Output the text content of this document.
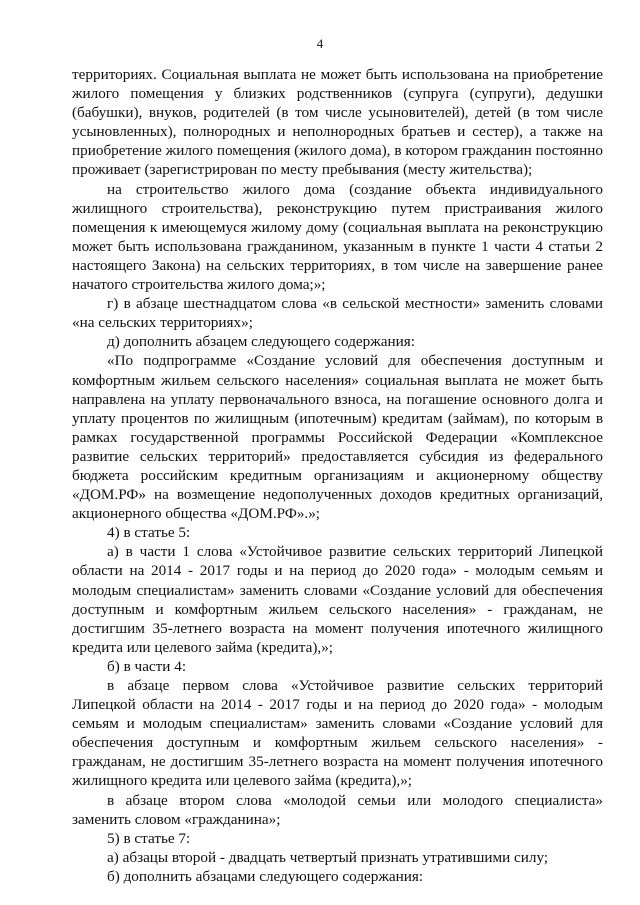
4

территориях. Социальная выплата не может быть использована на приобретение жилого помещения у близких родственников (супруга (супруги), дедушки (бабушки), внуков, родителей (в том числе усыновителей), детей (в том числе усыновленных), полнородных и неполнородных братьев и сестер), а также на приобретение жилого помещения (жилого дома), в котором гражданин постоянно проживает (зарегистрирован по месту пребывания (месту жительства);

на строительство жилого дома (создание объекта индивидуального жилищного строительства), реконструкцию путем пристраивания жилого помещения к имеющемуся жилому дому (социальная выплата на реконструкцию может быть использована гражданином, указанным в пункте 1 части 4 статьи 2 настоящего Закона) на сельских территориях, в том числе на завершение ранее начатого строительства жилого дома;»;

г) в абзаце шестнадцатом слова «в сельской местности» заменить словами «на сельских территориях»;

д) дополнить абзацем следующего содержания:

«По подпрограмме «Создание условий для обеспечения доступным и комфортным жильем сельского населения» социальная выплата не может быть направлена на уплату первоначального взноса, на погашение основного долга и уплату процентов по жилищным (ипотечным) кредитам (займам), по которым в рамках государственной программы Российской Федерации «Комплексное развитие сельских территорий» предоставляется субсидия из федерального бюджета российским кредитным организациям и акционерному обществу «ДОМ.РФ» на возмещение недополученных доходов кредитных организаций, акционерного общества «ДОМ.РФ».»;

4) в статье 5:

а) в части 1 слова «Устойчивое развитие сельских территорий Липецкой области на 2014 - 2017 годы и на период до 2020 года» - молодым семьям и молодым специалистам» заменить словами «Создание условий для обеспечения доступным и комфортным жильем сельского населения» - гражданам, не достигшим 35-летнего возраста на момент получения ипотечного жилищного кредита или целевого займа (кредита),»;

б) в части 4:

в абзаце первом слова «Устойчивое развитие сельских территорий Липецкой области на 2014 - 2017 годы и на период до 2020 года» - молодым семьям и молодым специалистам» заменить словами «Создание условий для обеспечения доступным и комфортным жильем сельского населения» - гражданам, не достигшим 35-летнего возраста на момент получения ипотечного жилищного кредита или целевого займа (кредита),»;

в абзаце втором слова «молодой семьи или молодого специалиста» заменить словом «гражданина»;

5) в статье 7:

а) абзацы второй - двадцать четвертый признать утратившими силу;

б) дополнить абзацами следующего содержания:
